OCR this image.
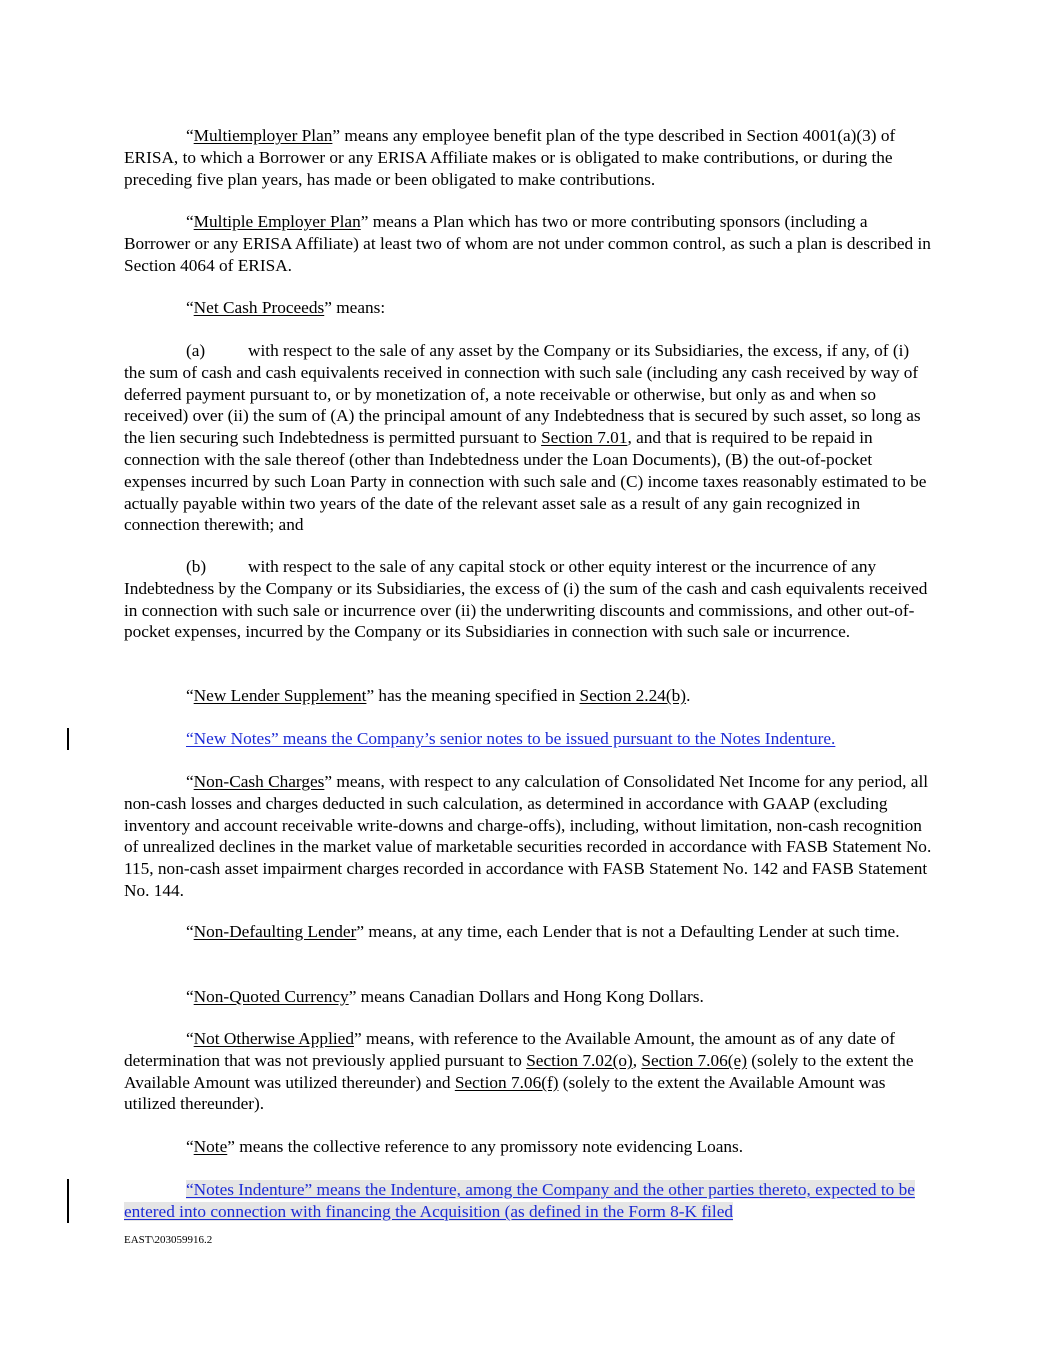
“Multiemployer Plan” means any employee benefit plan of the type described in Section 4001(a)(3) of ERISA, to which a Borrower or any ERISA Affiliate makes or is obligated to make contributions, or during the preceding five plan years, has made or been obligated to make contributions.

“Multiple Employer Plan” means a Plan which has two or more contributing sponsors (including a Borrower or any ERISA Affiliate) at least two of whom are not under common control, as such a plan is described in Section 4064 of ERISA.

“Net Cash Proceeds” means:

(a) with respect to the sale of any asset by the Company or its Subsidiaries, the excess, if any, of (i) the sum of cash and cash equivalents received in connection with such sale (including any cash received by way of deferred payment pursuant to, or by monetization of, a note receivable or otherwise, but only as and when so received) over (ii) the sum of (A) the principal amount of any Indebtedness that is secured by such asset, so long as the lien securing such Indebtedness is permitted pursuant to Section 7.01, and that is required to be repaid in connection with the sale thereof (other than Indebtedness under the Loan Documents), (B) the out-of-pocket expenses incurred by such Loan Party in connection with such sale and (C) income taxes reasonably estimated to be actually payable within two years of the date of the relevant asset sale as a result of any gain recognized in connection therewith; and

(b) with respect to the sale of any capital stock or other equity interest or the incurrence of any Indebtedness by the Company or its Subsidiaries, the excess of (i) the sum of the cash and cash equivalents received in connection with such sale or incurrence over (ii) the underwriting discounts and commissions, and other out-of-pocket expenses, incurred by the Company or its Subsidiaries in connection with such sale or incurrence.

“New Lender Supplement” has the meaning specified in Section 2.24(b).

“New Notes” means the Company’s senior notes to be issued pursuant to the Notes Indenture.

“Non-Cash Charges” means, with respect to any calculation of Consolidated Net Income for any period, all non-cash losses and charges deducted in such calculation, as determined in accordance with GAAP (excluding inventory and account receivable write-downs and charge-offs), including, without limitation, non-cash recognition of unrealized declines in the market value of marketable securities recorded in accordance with FASB Statement No. 115, non-cash asset impairment charges recorded in accordance with FASB Statement No. 142 and FASB Statement No. 144.

“Non-Defaulting Lender” means, at any time, each Lender that is not a Defaulting Lender at such time.

“Non-Quoted Currency” means Canadian Dollars and Hong Kong Dollars.

“Not Otherwise Applied” means, with reference to the Available Amount, the amount as of any date of determination that was not previously applied pursuant to Section 7.02(o), Section 7.06(e) (solely to the extent the Available Amount was utilized thereunder) and Section 7.06(f) (solely to the extent the Available Amount was utilized thereunder).

“Note” means the collective reference to any promissory note evidencing Loans.

“Notes Indenture” means the Indenture, among the Company and the other parties thereto, expected to be entered into connection with financing the Acquisition (as defined in the Form 8-K filed

EAST\203059916.2
